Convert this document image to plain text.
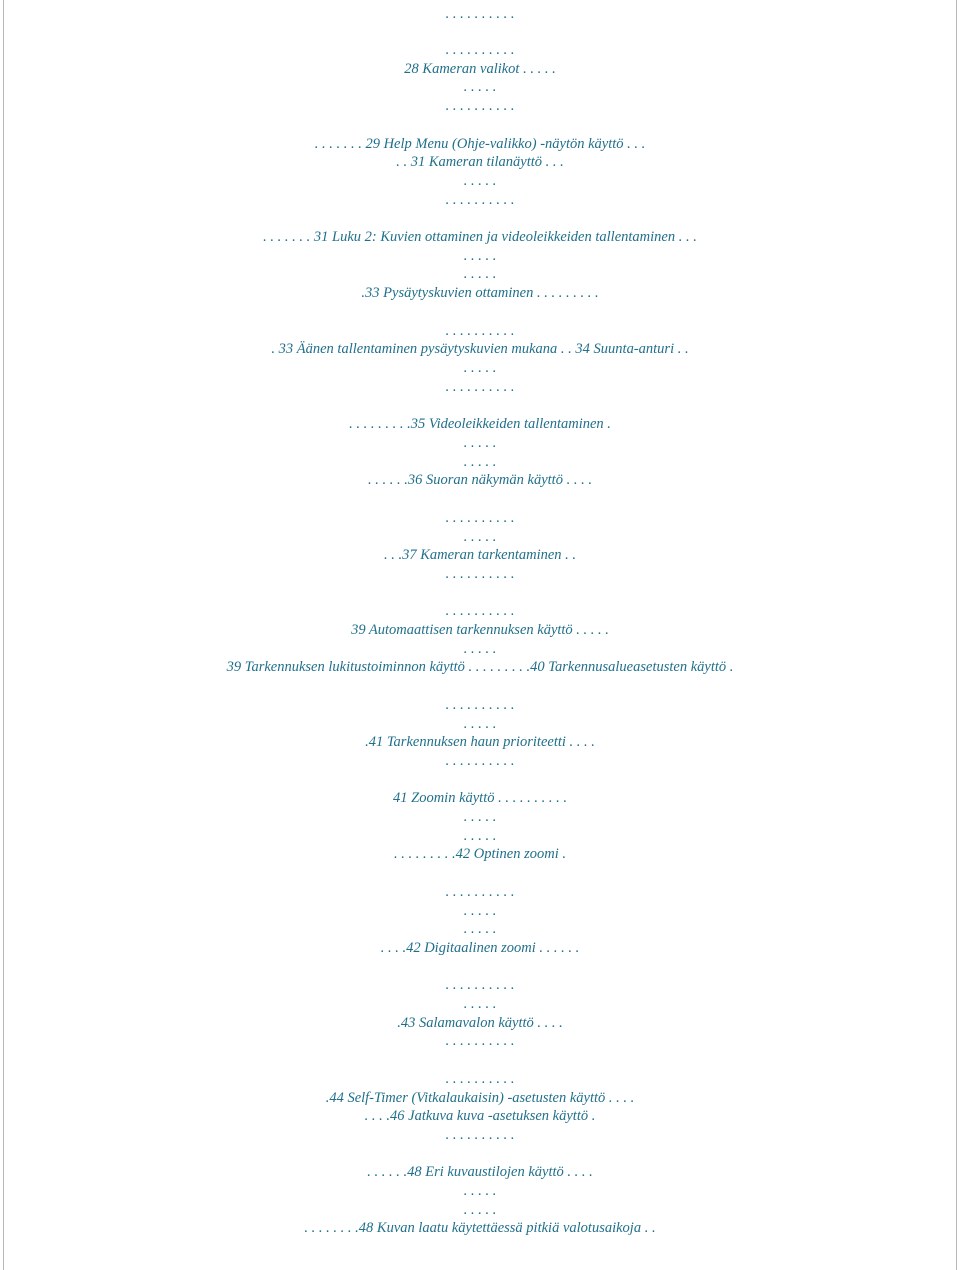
. . . . . . . . . .
. . . . . . . . . .
28 Kameran valikot . . . . .
. . . . .
. . . . . . . . . .
. . . . . . . 29 Help Menu (Ohje-valikko) -näytön käyttö . . .
. . 31 Kameran tilanäyttö . . .
. . . . .
. . . . . . . . . .
. . . . . . . 31 Luku 2: Kuvien ottaminen ja videoleikkeiden tallentaminen . . .
. . . . .
. . . . .
.33 Pysäytyskuvien ottaminen . . . . . . . . .
. . . . . . . . . .
. 33 Äänen tallentaminen pysäytyskuvien mukana . . 34 Suunta-anturi . .
. . . . .
. . . . . . . . . .
. . . . . . . . .35 Videoleikkeiden tallentaminen .
. . . . .
. . . . .
. . . . . .36 Suoran näkymän käyttö . . . .
. . . . . . . . . .
. . . . .
. . .37 Kameran tarkentaminen . .
. . . . . . . . . .
. . . . . . . . . .
39 Automaattisen tarkennuksen käyttö . . . . .
. . . . .
39 Tarkennuksen lukitustoiminnon käyttö . . . . . . . . .40 Tarkennusalueasetusten käyttö .
. . . . . . . . . .
. . . . .
.41 Tarkennuksen haun prioriteetti . . . .
. . . . . . . . . .
41 Zoomin käyttö . . . . . . . . . .
. . . . .
. . . . .
. . . . . . . . .42 Optinen zoomi .
. . . . . . . . . .
. . . . .
. . . . .
. . . .42 Digitaalinen zoomi . . . . . .
. . . . . . . . . .
. . . . .
.43 Salamavalon käyttö . . . .
. . . . . . . . . .
. . . . . . . . . .
.44 Self-Timer (Vitkalaukaisin) -asetusten käyttö . . . .
. . . .46 Jatkuva kuva -asetuksen käyttö .
. . . . . . . . . .
. . . . . .48 Eri kuvaustilojen käyttö . . . .
. . . . .
. . . . .
. . . . . . . .48 Kuvan laatu käytettäessä pitkiä valotusaikoja . .
